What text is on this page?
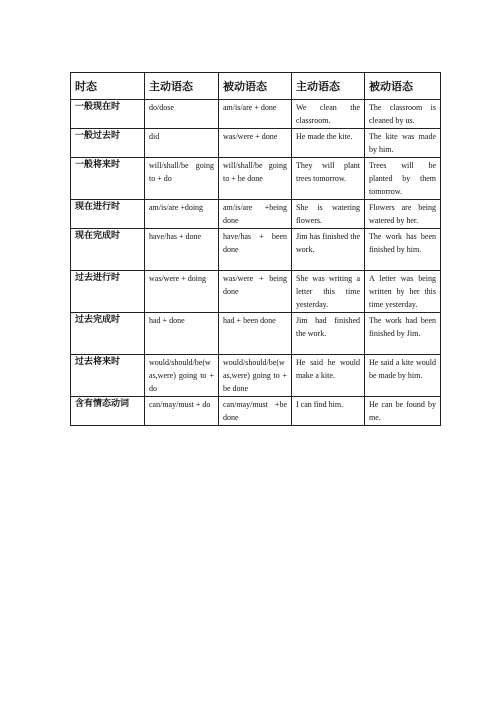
时态	主动语态	被动语态	主动语态	被动语态
一般现在时	do/dose	am/is/are + done	We clean the classroom.	The classroom is cleaned by us.
一般过去时	did	was/were + done	He made the kite.	The kite was made by him.
一般将来时	will/shall/be going to + do	will/shall/be going to + be done	They will plant trees tomorrow.	Trees will be planted by them tomorrow.
现在进行时	am/is/are +doing	am/is/are +being done	She is watering flowers.	Flowers are being watered by her.
现在完成时	have/has + done	have/has + been done	Jim has finished the work.	The work has been finished by him.
过去进行时	was/were + doing	was/were + being done	She was writing a letter this time yesterday.	A letter was being written by her this time yesterday.
过去完成时	had + done	had + been done	Jim had finished the work.	The work had been finished by Jim.
过去将来时	would/should/be(was,were) going to + do	would/should/be(was,were) going to + be done	He said he would make a kite.	He said a kite would be made by him.
含有情态动词	can/may/must + do	can/may/must +be done	I can find him.	He can be found by me.
